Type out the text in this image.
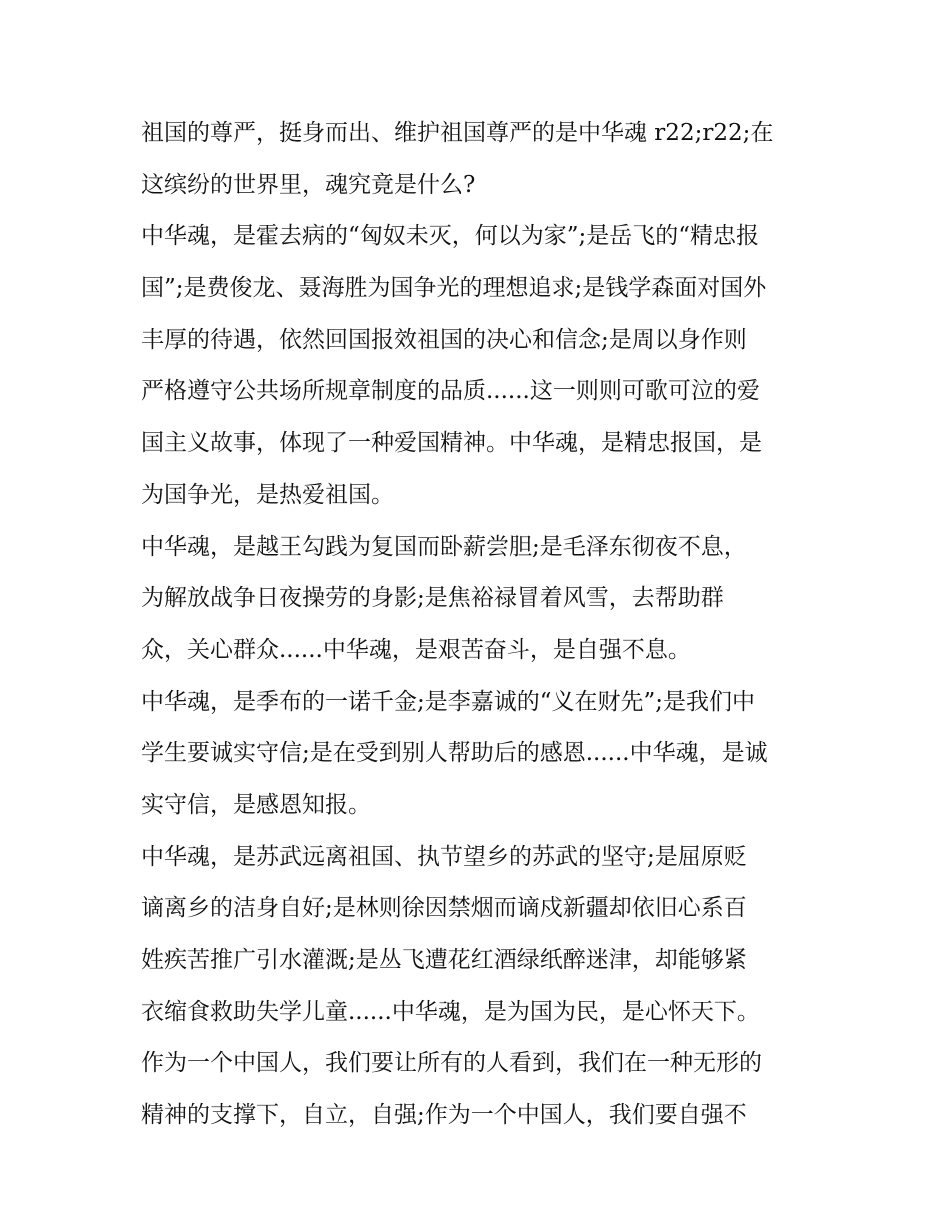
祖国的尊严，挺身而出、维护祖国尊严的是中华魂 r22;r22;在
这缤纷的世界里，魂究竟是什么?
中华魂，是霍去病的“匈奴未灭，何以为家”;是岳飞的“精忠报
国”;是费俊龙、聂海胜为国争光的理想追求;是钱学森面对国外
丰厚的待遇，依然回国报效祖国的决心和信念;是周以身作则
严格遵守公共场所规章制度的品质......这一则则可歌可泣的爱
国主义故事，体现了一种爱国精神。中华魂，是精忠报国，是
为国争光，是热爱祖国。
中华魂，是越王勾践为复国而卧薪尝胆;是毛泽东彻夜不息，
为解放战争日夜操劳的身影;是焦裕禄冒着风雪，去帮助群
众，关心群众......中华魂，是艰苦奋斗，是自强不息。
中华魂，是季布的一诺千金;是李嘉诚的“义在财先”;是我们中
学生要诚实守信;是在受到别人帮助后的感恩......中华魂，是诚
实守信，是感恩知报。
中华魂，是苏武远离祖国、执节望乡的苏武的坚守;是屈原贬
谪离乡的洁身自好;是林则徐因禁烟而谪戍新疆却依旧心系百
姓疾苦推广引水灌溉;是丛飞遭花红酒绿纸醉迷津，却能够紧
衣缩食救助失学儿童......中华魂，是为国为民，是心怀天下。
作为一个中国人，我们要让所有的人看到，我们在一种无形的
精神的支撑下，自立，自强;作为一个中国人，我们要自强不
